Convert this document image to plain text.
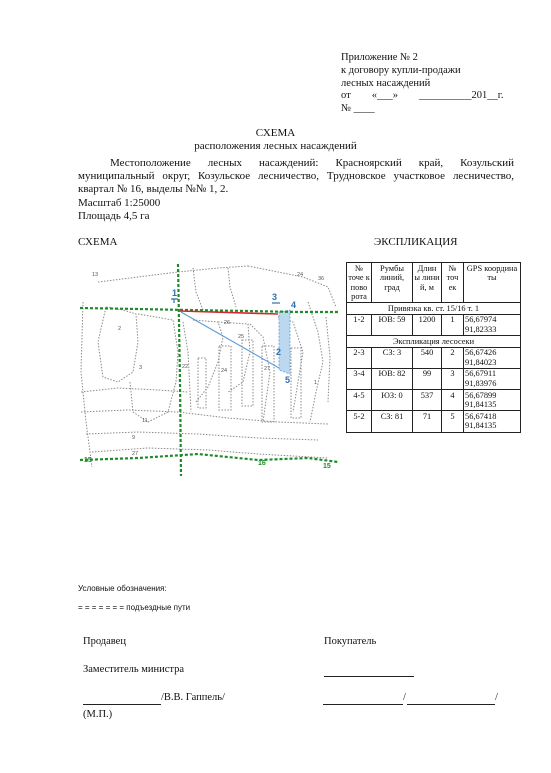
Приложение № 2
к договору купли-продажи
лесных насаждений
от        «___»        __________201__г.
№ ____
СХЕМА
расположения лесных насаждений
Местоположение лесных насаждений: Красноярский край, Козульский муниципальный округ, Козульское лесничество, Трудновское участковое лесничество, квартал № 16, выделы №№ 1, 2.
Масштаб 1:25000
Площадь 4,5 га
СХЕМА	ЭКСПЛИКАЦИЯ
1
2
3
4
5
13	24
36
2
22
26
25
24	27
3
1
11
9
27
15	16	15
№ точе к пово рота	Румбы линий, град	Длин ы лини й, м	№ точ ек	GPS координа ты
Привязка кв. ст. 15/16 т. 1				
1-2	ЮВ: 59	1200	1	56,67974
91,82333

Экспликация лесосеки				
2-3	СЗ: 3	540	2	56,67426
91,84023

3-4	ЮВ: 82	99	3	56,67911
91,83976

4-5	ЮЗ: 0	537	4	56,67899
91,84135

5-2	СЗ: 81	71	5	56,67418
91,84135
Условные обозначения:
= = = = = = = подъездные пути
Продавец	Покупатель
Заместитель министра
/В.В. Гаппель/	/	/
(М.П.)
